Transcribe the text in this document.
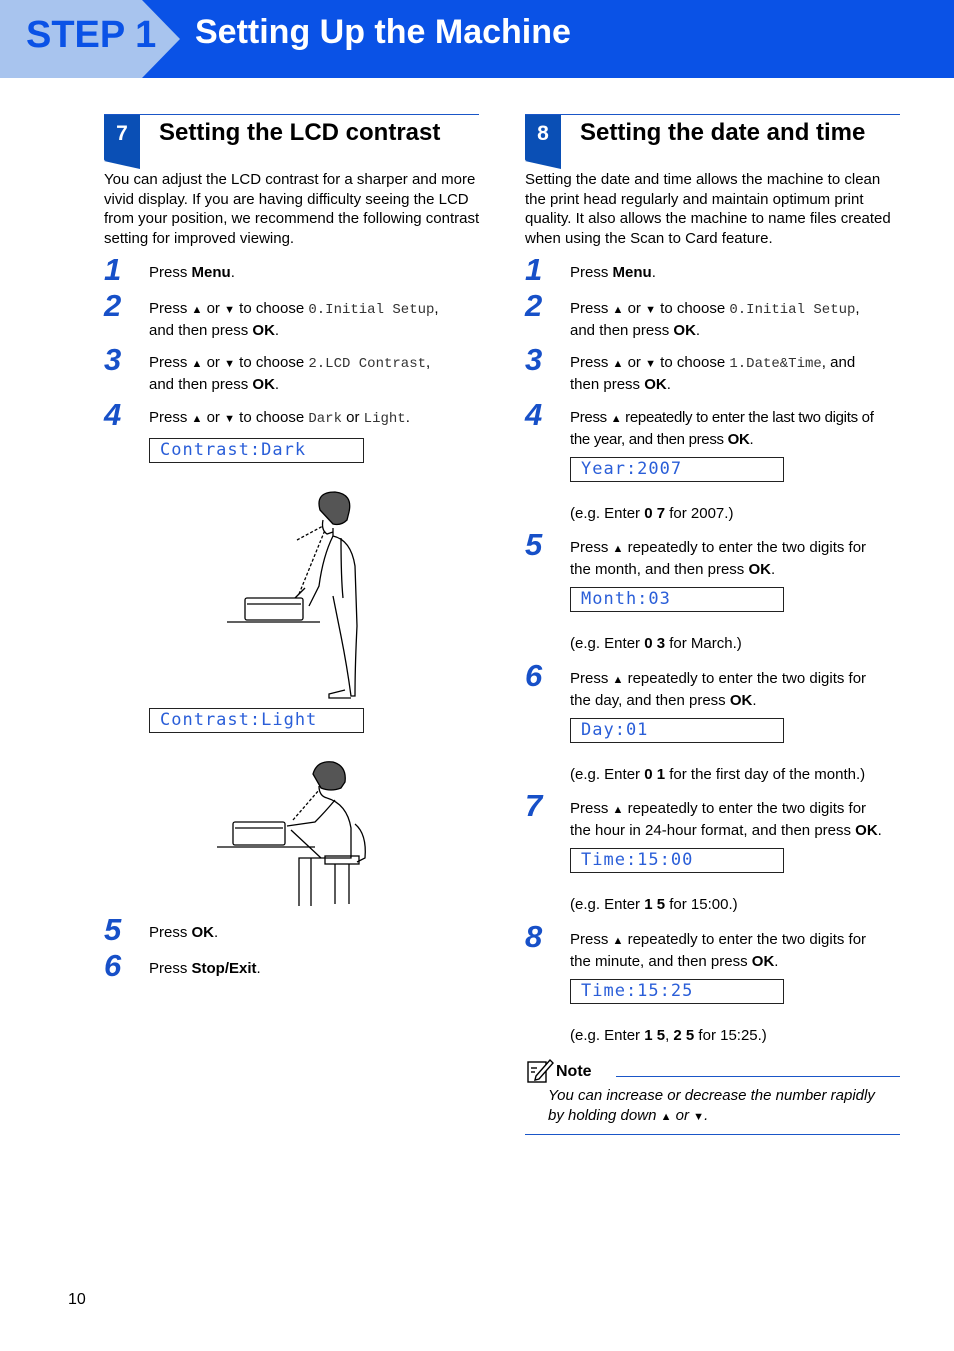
STEP 1 Setting Up the Machine
7	Setting the LCD contrast
You can adjust the LCD contrast for a sharper and more vivid display. If you are having difficulty seeing the LCD from your position, we recommend the following contrast setting for improved viewing.
1 Press Menu.
2 Press ▲ or ▼ to choose 0.Initial Setup,
and then press OK.
3 Press ▲ or ▼ to choose 2.LCD Contrast,
and then press OK.
4 Press ▲ or ▼ to choose Dark or Light.
Contrast:Dark
Contrast:Light
5 Press OK.
6 Press Stop/Exit.
8	Setting the date and time
Setting the date and time allows the machine to clean the print head regularly and maintain optimum print quality. It also allows the machine to name files created when using the Scan to Card feature.
1 Press Menu.
2 Press ▲ or ▼ to choose 0.Initial Setup,
and then press OK.
3 Press ▲ or ▼ to choose 1.Date&Time, and
then press OK.
4 Press ▲ repeatedly to enter the last two digits of
the year, and then press OK.
Year:2007
(e.g. Enter 0 7 for 2007.)
5 Press ▲ repeatedly to enter the two digits for
the month, and then press OK.
Month:03
(e.g. Enter 0 3 for March.)
6 Press ▲ repeatedly to enter the two digits for
the day, and then press OK.
Day:01
(e.g. Enter 0 1 for the first day of the month.)
7 Press ▲ repeatedly to enter the two digits for
the hour in 24-hour format, and then press OK.
Time:15:00
(e.g. Enter 1 5 for 15:00.)
8 Press ▲ repeatedly to enter the two digits for
the minute, and then press OK.
Time:15:25
(e.g. Enter 1 5, 2 5 for 15:25.)
Note
You can increase or decrease the number rapidly
by holding down ▲ or ▼.
10
